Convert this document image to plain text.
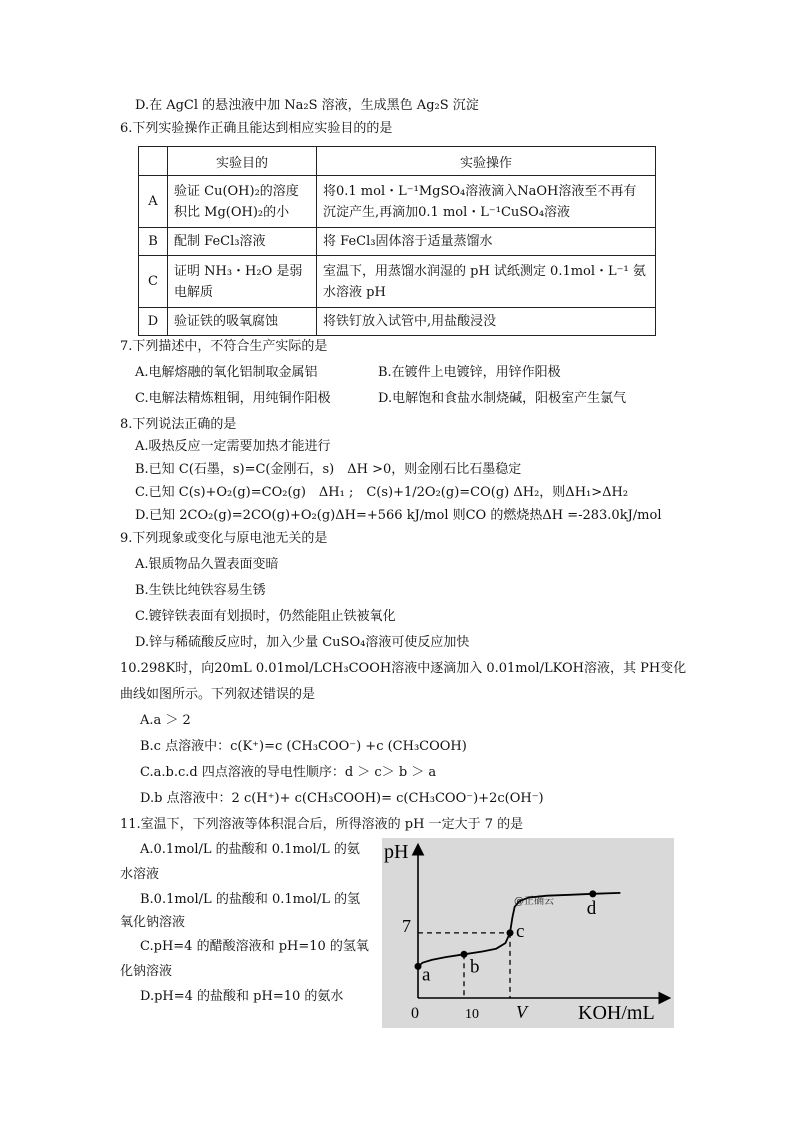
D.在 AgCl 的悬浊液中加 Na₂S 溶液，生成黑色 Ag₂S 沉淀
6.下列实验操作正确且能达到相应实验目的的是
	实验目的	实验操作
A	验证 Cu(OH)₂的溶度积比 Mg(OH)₂的小	将0.1 mol・L⁻¹MgSO₄溶液滴入NaOH溶液至不再有沉淀产生,再滴加0.1 mol・L⁻¹CuSO₄溶液
B	配制 FeCl₃溶液	将 FeCl₃固体溶于适量蒸馏水
C	证明 NH₃・H₂O 是弱电解质	室温下，用蒸馏水润湿的 pH 试纸测定 0.1mol・L⁻¹ 氨水溶液 pH
D	验证铁的吸氧腐蚀	将铁钉放入试管中,用盐酸浸没
7.下列描述中，不符合生产实际的是
A.电解熔融的氧化铝制取金属铝	B.在镀件上电镀锌，用锌作阳极
C.电解法精炼粗铜，用纯铜作阳极	D.电解饱和食盐水制烧碱，阳极室产生氯气
8.下列说法正确的是
A.吸热反应一定需要加热才能进行
B.已知 C(石墨，s)=C(金刚石，s)　ΔH >0，则金刚石比石墨稳定
C.已知 C(s)+O₂(g)=CO₂(g)　ΔH₁ ;　C(s)+1/2O₂(g)=CO(g) ΔH₂，则ΔH₁>ΔH₂
D.已知 2CO₂(g)=2CO(g)+O₂(g)ΔH=+566 kJ/mol 则CO 的燃烧热ΔH =-283.0kJ/mol
9.下列现象或变化与原电池无关的是
A.银质物品久置表面变暗
B.生铁比纯铁容易生锈
C.镀锌铁表面有划损时，仍然能阻止铁被氧化
D.锌与稀硫酸反应时，加入少量 CuSO₄溶液可使反应加快
10.298K时，向20mL 0.01mol/LCH₃COOH溶液中逐滴加入 0.01mol/LKOH溶液，其 PH变化
曲线如图所示。下列叙述错误的是
A.a ＞ 2
B.c 点溶液中：c(K⁺)=c (CH₃COO⁻) +c (CH₃COOH)
C.a.b.c.d 四点溶液的导电性顺序：d ＞ c＞ b ＞ a
D.b 点溶液中：2 c(H⁺)+ c(CH₃COOH)= c(CH₃COO⁻)+2c(OH⁻)
11.室温下，下列溶液等体积混合后，所得溶液的 pH 一定大于 7 的是
A.0.1mol/L 的盐酸和 0.1mol/L 的氨
水溶液
B.0.1mol/L 的盐酸和 0.1mol/L 的氢
氧化钠溶液
C.pH=4 的醋酸溶液和 pH=10 的氢氧
化钠溶液
D.pH=4 的盐酸和 pH=10 的氨水
pH
KOH/mL
0	10 V
7
@正确云
a b
c
d
